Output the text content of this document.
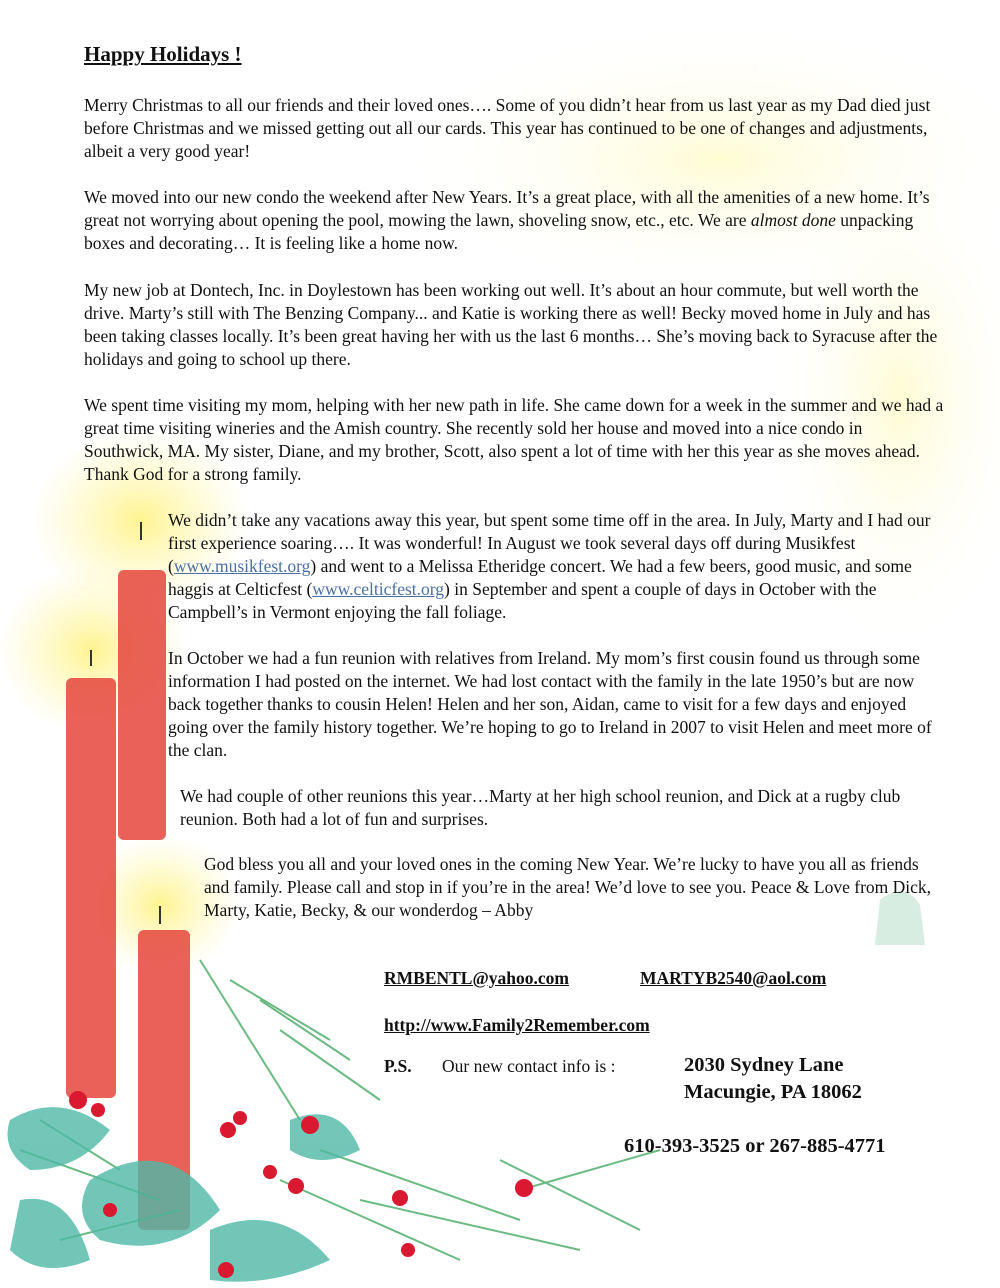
Happy Holidays !
Merry Christmas to all our friends and their loved ones…. Some of you didn’t hear from us last year as my Dad died just before Christmas and we missed getting out all our cards. This year has continued to be one of changes and adjustments, albeit a very good year!
We moved into our new condo the weekend after New Years. It’s a great place, with all the amenities of a new home. It’s great not worrying about opening the pool, mowing the lawn, shoveling snow, etc., etc. We are almost done unpacking boxes and decorating… It is feeling like a home now.
My new job at Dontech, Inc. in Doylestown has been working out well. It’s about an hour commute, but well worth the drive. Marty’s still with The Benzing Company... and Katie is working there as well! Becky moved home in July and has been taking classes locally. It’s been great having her with us the last 6 months… She’s moving back to Syracuse after the holidays and going to school up there.
We spent time visiting my mom, helping with her new path in life. She came down for a week in the summer and we had a great time visiting wineries and the Amish country. She recently sold her house and moved into a nice condo in Southwick, MA. My sister, Diane, and my brother, Scott, also spent a lot of time with her this year as she moves ahead. Thank God for a strong family.
We didn’t take any vacations away this year, but spent some time off in the area. In July, Marty and I had our first experience soaring…. It was wonderful! In August we took several days off during Musikfest (www.musikfest.org) and went to a Melissa Etheridge concert. We had a few beers, good music, and some haggis at Celticfest (www.celticfest.org) in September and spent a couple of days in October with the Campbell’s in Vermont enjoying the fall foliage.
In October we had a fun reunion with relatives from Ireland. My mom’s first cousin found us through some information I had posted on the internet. We had lost contact with the family in the late 1950’s but are now back together thanks to cousin Helen! Helen and her son, Aidan, came to visit for a few days and enjoyed going over the family history together. We’re hoping to go to Ireland in 2007 to visit Helen and meet more of the clan.
We had couple of other reunions this year…Marty at her high school reunion, and Dick at a rugby club reunion. Both had a lot of fun and surprises.
God bless you all and your loved ones in the coming New Year. We’re lucky to have you all as friends and family. Please call and stop in if you’re in the area! We’d love to see you. Peace & Love from Dick, Marty, Katie, Becky, & our wonderdog – Abby
RMBENTL@yahoo.com	MARTYB2540@aol.com
http://www.Family2Remember.com
P.S. Our new contact info is :	2030 Sydney Lane
Macungie, PA 18062
610-393-3525 or 267-885-4771
